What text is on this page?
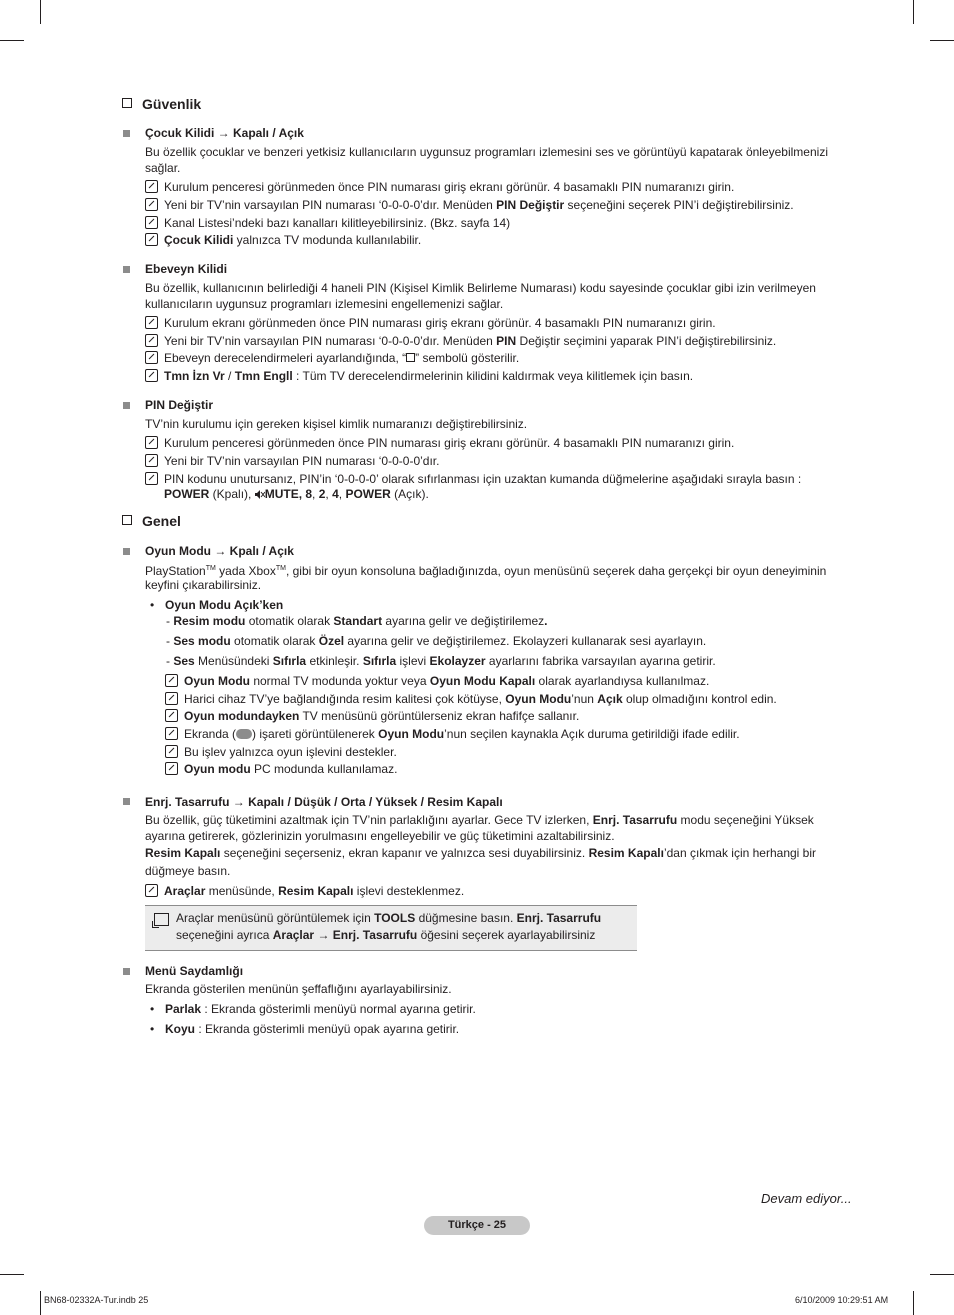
Güvenlik
Çocuk Kilidi → Kapalı / Açık
Bu özellik çocuklar ve benzeri yetkisiz kullanıcıların uygunsuz programları izlemesini ses ve görüntüyü kapatarak önleyebilmenizi sağlar.
Kurulum penceresi görünmeden önce PIN numarası giriş ekranı görünür. 4 basamaklı PIN numaranızı girin.
Yeni bir TV’nin varsayılan PIN numarası ‘0-0-0-0’dır. Menüden PIN Değiştir seçeneğini seçerek PIN’i değiştirebilirsiniz.
Kanal Listesi’ndeki bazı kanalları kilitleyebilirsiniz. (Bkz. sayfa 14)
Çocuk Kilidi yalnızca TV modunda kullanılabilir.
Ebeveyn Kilidi
Bu özellik, kullanıcının belirlediği 4 haneli PIN (Kişisel Kimlik Belirleme Numarası) kodu sayesinde çocuklar gibi izin verilmeyen kullanıcıların uygunsuz programları izlemesini engellemenizi sağlar.
Kurulum ekranı görünmeden önce PIN numarası giriş ekranı görünür. 4 basamaklı PIN numaranızı girin.
Yeni bir TV’nin varsayılan PIN numarası ‘0-0-0-0’dır. Menüden PIN Değiştir seçimini yaparak PIN’i değiştirebilirsiniz.
Ebeveyn derecelendirmeleri ayarlandığında, “ ” sembolü gösterilir.
Tmn İzn Vr / Tmn Engll : Tüm TV derecelendirmelerinin kilidini kaldırmak veya kilitlemek için basın.
PIN Değiştir
TV’nin kurulumu için gereken kişisel kimlik numaranızı değiştirebilirsiniz.
Kurulum penceresi görünmeden önce PIN numarası giriş ekranı görünür. 4 basamaklı PIN numaranızı girin.
Yeni bir TV’nin varsayılan PIN numarası ‘0-0-0-0’dır.
PIN kodunu unutursanız, PIN’in ‘0-0-0-0’ olarak sıfırlanması için uzaktan kumanda düğmelerine aşağıdaki sırayla basın :
POWER (Kpalı), MUTE, 8, 2, 4, POWER (Açık).
Genel
Oyun Modu → Kpalı / Açık
PlayStation™ yada Xbox™, gibi bir oyun konsoluna bağladığınızda, oyun menüsünü seçerek daha gerçekçi bir oyun deneyiminin
keyfini çıkarabilirsiniz.
• Oyun Modu Açık’ken
- Resim modu otomatik olarak Standart ayarına gelir ve değiştirilemez.
- Ses modu otomatik olarak Özel ayarına gelir ve değiştirilemez. Ekolayzeri kullanarak sesi ayarlayın.
- Ses Menüsündeki Sıfırla etkinleşir. Sıfırla işlevi Ekolayzer ayarlarını fabrika varsayılan ayarına getirir.
Oyun Modu normal TV modunda yoktur veya Oyun Modu Kapalı olarak ayarlandıysa kullanılmaz.
Harici cihaz TV’ye bağlandığında resim kalitesi çok kötüyse, Oyun Modu’nun Açık olup olmadığını kontrol edin.
Oyun modundayken TV menüsünü görüntülerseniz ekran hafifçe sallanır.
Ekranda ( ) işareti görüntülenerek Oyun Modu’nun seçilen kaynakla Açık duruma getirildiği ifade edilir.
Bu işlev yalnızca oyun işlevini destekler.
Oyun modu PC modunda kullanılamaz.
Enrj. Tasarrufu → Kapalı / Düşük / Orta / Yüksek / Resim Kapalı
Bu özellik, güç tüketimini azaltmak için TV’nin parlaklığını ayarlar. Gece TV izlerken, Enrj. Tasarrufu modu seçeneğini Yüksek
ayarına getirerek, gözlerinizin yorulmasını engelleyebilir ve güç tüketimini azaltabilirsiniz.
Resim Kapalı seçeneğini seçerseniz, ekran kapanır ve yalnızca sesi duyabilirsiniz. Resim Kapalı’dan çıkmak için herhangi bir
düğmeye basın.
Araçlar menüsünde, Resim Kapalı işlevi desteklenmez.
Araçlar menüsünü görüntülemek için TOOLS düğmesine basın. Enrj. Tasarrufu
seçeneğini ayrıca Araçlar → Enrj. Tasarrufu öğesini seçerek ayarlayabilirsiniz
Menü Saydamlığı
Ekranda gösterilen menünün şeffaflığını ayarlayabilirsiniz.
• Parlak : Ekranda gösterimli menüyü normal ayarına getirir.
• Koyu : Ekranda gösterimli menüyü opak ayarına getirir.
Devam ediyor...
Türkçe - 25
BN68-02332A-Tur.indb 25	6/10/2009 10:29:51 AM
